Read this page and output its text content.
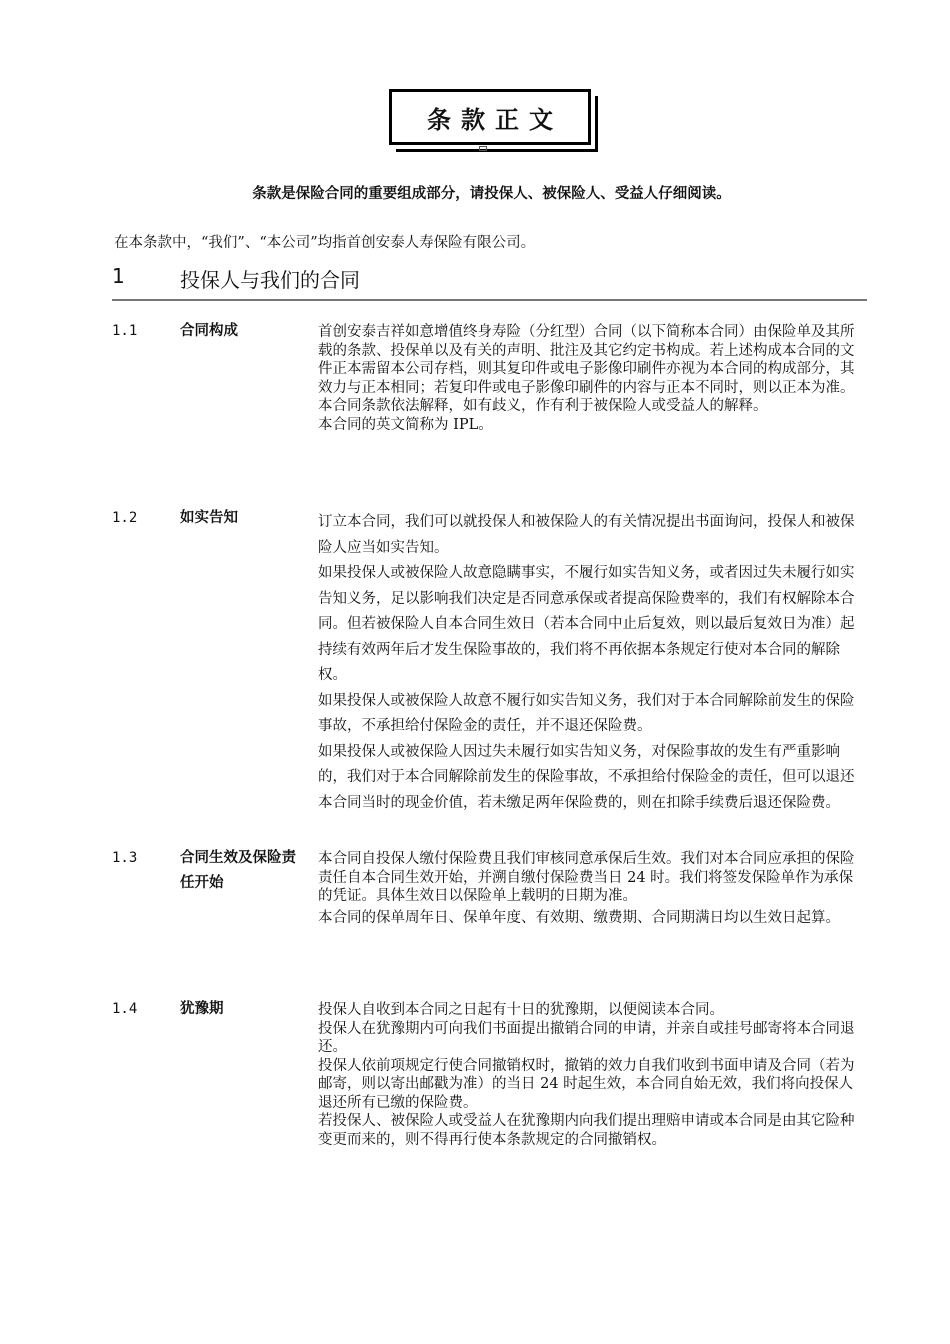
条款正文
条款是保险合同的重要组成部分，请投保人、被保险人、受益人仔细阅读。
在本条款中，“我们”、“本公司”均指首创安泰人寿保险有限公司。
1	投保人与我们的合同
1.1	合同构成	首创安泰吉祥如意增值终身寿险（分红型）合同（以下简称本合同）由保险单及其所载的条款、投保单以及有关的声明、批注及其它约定书构成。若上述构成本合同的文件正本需留本公司存档，则其复印件或电子影像印刷件亦视为本合同的构成部分，其效力与正本相同；若复印件或电子影像印刷件的内容与正本不同时，则以正本为准。

本合同条款依法解释，如有歧义，作有利于被保险人或受益人的解释。

本合同的英文简称为 IPL。

1.2	如实告知	订立本合同，我们可以就投保人和被保险人的有关情况提出书面询问，投保人和被保险人应当如实告知。

如果投保人或被保险人故意隐瞒事实，不履行如实告知义务，或者因过失未履行如实告知义务，足以影响我们决定是否同意承保或者提高保险费率的，我们有权解除本合同。但若被保险人自本合同生效日（若本合同中止后复效，则以最后复效日为准）起持续有效两年后才发生保险事故的，我们将不再依据本条规定行使对本合同的解除权。

如果投保人或被保险人故意不履行如实告知义务，我们对于本合同解除前发生的保险事故，不承担给付保险金的责任，并不退还保险费。

如果投保人或被保险人因过失未履行如实告知义务，对保险事故的发生有严重影响的，我们对于本合同解除前发生的保险事故，不承担给付保险金的责任，但可以退还本合同当时的现金价值，若未缴足两年保险费的，则在扣除手续费后退还保险费。

1.3	合同生效及保险责任开始

本合同自投保人缴付保险费且我们审核同意承保后生效。我们对本合同应承担的保险责任自本合同生效开始，并溯自缴付保险费当日 24 时。我们将签发保险单作为承保的凭证。具体生效日以保险单上载明的日期为准。

本合同的保单周年日、保单年度、有效期、缴费期、合同期满日均以生效日起算。

1.4	犹豫期	投保人自收到本合同之日起有十日的犹豫期，以便阅读本合同。

投保人在犹豫期内可向我们书面提出撤销合同的申请，并亲自或挂号邮寄将本合同退还。

投保人依前项规定行使合同撤销权时，撤销的效力自我们收到书面申请及合同（若为邮寄，则以寄出邮戳为准）的当日 24 时起生效，本合同自始无效，我们将向投保人退还所有已缴的保险费。

若投保人、被保险人或受益人在犹豫期内向我们提出理赔申请或本合同是由其它险种变更而来的，则不得再行使本条款规定的合同撤销权。
